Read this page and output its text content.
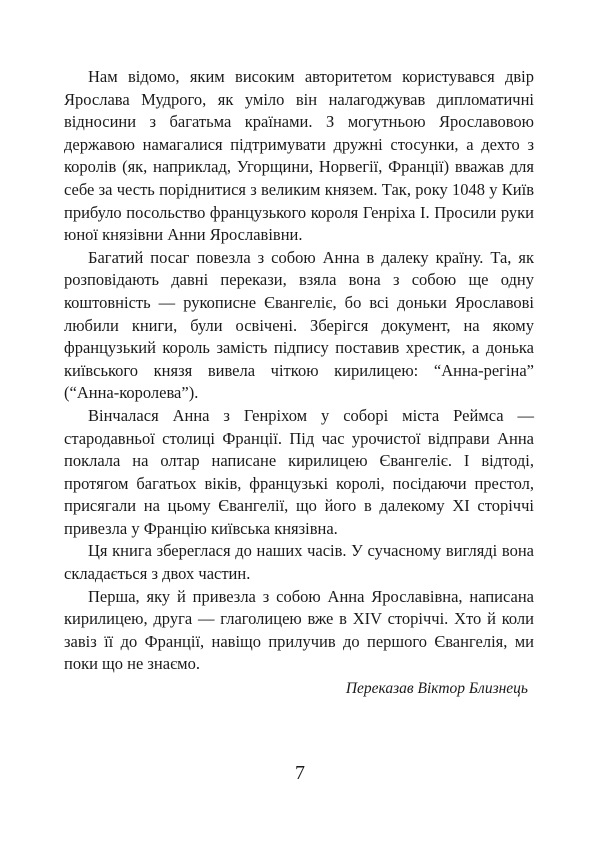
Нам відомо, яким високим авторитетом користувався двір Ярослава Мудрого, як уміло він налагоджував дипломатичні відносини з багатьма країнами. З могутньою Ярославовою державою намагалися підтримувати дружні стосунки, а дехто з королів (як, наприклад, Угорщини, Норвегії, Франції) вважав для себе за честь поріднитися з великим князем. Так, року 1048 у Київ прибуло посольство французького короля Генріха I. Просили руки юної князівни Анни Ярославівни.

Багатий посаг повезла з собою Анна в далеку країну. Та, як розповідають давні перекази, взяла вона з собою ще одну коштовність — рукописне Євангеліє, бо всі доньки Ярославові любили книги, були освічені. Зберігся документ, на якому французький король замість підпису поставив хрестик, а донька київського князя вивела чіткою кирилицею: “Анна-регіна” (“Анна-королева”).

Вінчалася Анна з Генріхом у соборі міста Реймса — стародавньої столиці Франції. Під час урочистої відправи Анна поклала на олтар написане кирилицею Євангеліє. І відтоді, протягом багатьох віків, французькі королі, посідаючи престол, присягали на цьому Євангелії, що його в далекому XI сторіччі привезла у Францію київська князівна.

Ця книга збереглася до наших часів. У сучасному вигляді вона складається з двох частин.

Перша, яку й привезла з собою Анна Ярославівна, написана кирилицею, друга — глаголицею вже в XIV сторіччі. Хто й коли завіз її до Франції, навіщо прилучив до першого Євангелія, ми поки що не знаємо.

Переказав Віктор Близнець

7
